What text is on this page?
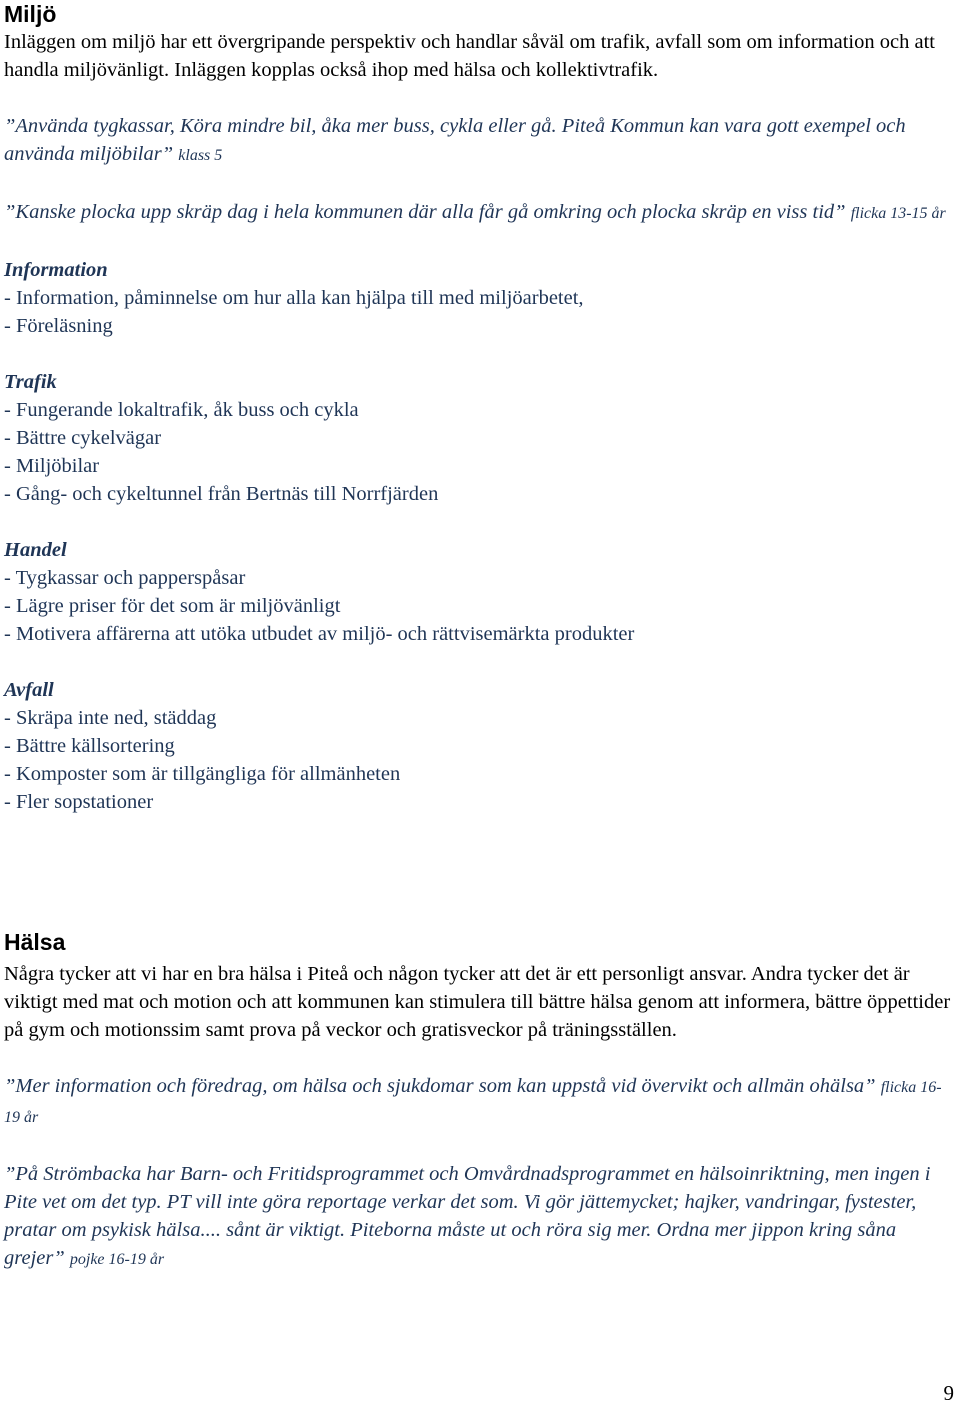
Miljö

Inläggen om miljö har ett övergripande perspektiv och handlar såväl om trafik, avfall som om information och att handla miljövänligt. Inläggen kopplas också ihop med hälsa och kollektivtrafik.

”Använda tygkassar, Köra mindre bil, åka mer buss, cykla eller gå. Piteå Kommun kan vara gott exempel och använda miljöbilar” klass 5

”Kanske plocka upp skräp dag i hela kommunen där alla får gå omkring och plocka skräp en viss tid” flicka 13-15 år

Information
- Information, påminnelse om hur alla kan hjälpa till med miljöarbetet,
- Föreläsning
Trafik
- Fungerande lokaltrafik, åk buss och cykla
- Bättre cykelvägar
- Miljöbilar
- Gång- och cykeltunnel från Bertnäs till Norrfjärden
Handel
- Tygkassar och papperspåsar
- Lägre priser för det som är miljövänligt
- Motivera affärerna att utöka utbudet av miljö- och rättvisemärkta produkter
Avfall
- Skräpa inte ned, städdag
- Bättre källsortering
- Komposter som är tillgängliga för allmänheten
- Fler sopstationer
Hälsa

Några tycker att vi har en bra hälsa i Piteå och någon tycker att det är ett personligt ansvar. Andra tycker det är viktigt med mat och motion och att kommunen kan stimulera till bättre hälsa genom att informera, bättre öppettider på gym och motionssim samt prova på veckor och gratisveckor på träningsställen.

”Mer information och föredrag, om hälsa och sjukdomar som kan uppstå vid övervikt och allmän ohälsa” flicka 16-19 år

”På Strömbacka har Barn- och Fritidsprogrammet och Omvårdnadsprogrammet en hälsoinriktning, men ingen i Pite vet om det typ. PT vill inte göra reportage verkar det som. Vi gör jättemycket; hajker, vandringar, fystester, pratar om psykisk hälsa.... sånt är viktigt. Piteborna måste ut och röra sig mer. Ordna mer jippon kring såna grejer” pojke 16-19 år

9
